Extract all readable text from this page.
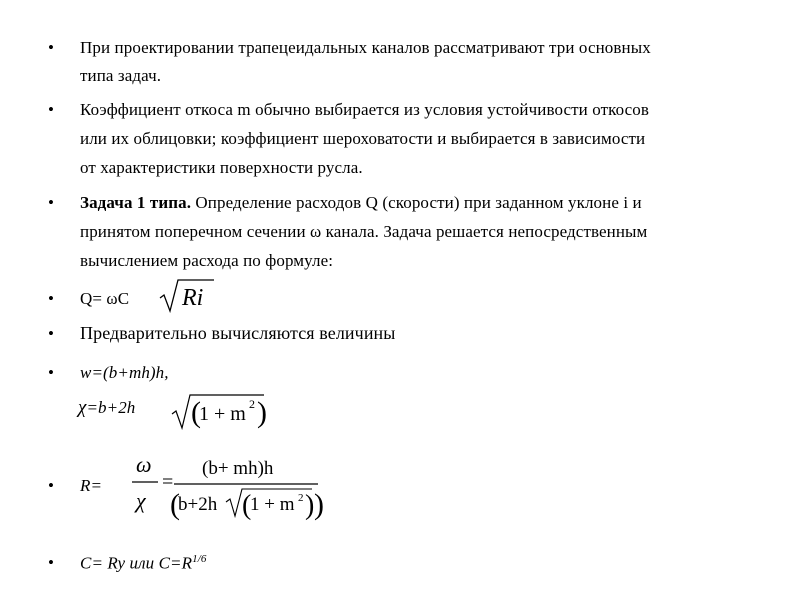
• При проектировании трапецеидальных каналов рассматривают три основных
типа задач.
• Коэффициент откоса m обычно выбирается из условия устойчивости откосов
или их облицовки; коэффициент шероховатости и выбирается в зависимости
от характеристики поверхности русла.
• Задача 1 типа. Определение расходов Q (скорости) при заданном уклоне i и
принятом поперечном сечении ω канала. Задача решается непосредственным
вычислением расхода по формуле:
• Q= ωC Ri
• Предварительно вычисляются величины
• w=(b+mh)h,
χ=b+2h (
1 + m 2 )
• R=
ω
χ
=
(b+ mh)h
(
b+2h (
1 + m 2 ) )
• C= Ry или $C=R^{1/6}$
